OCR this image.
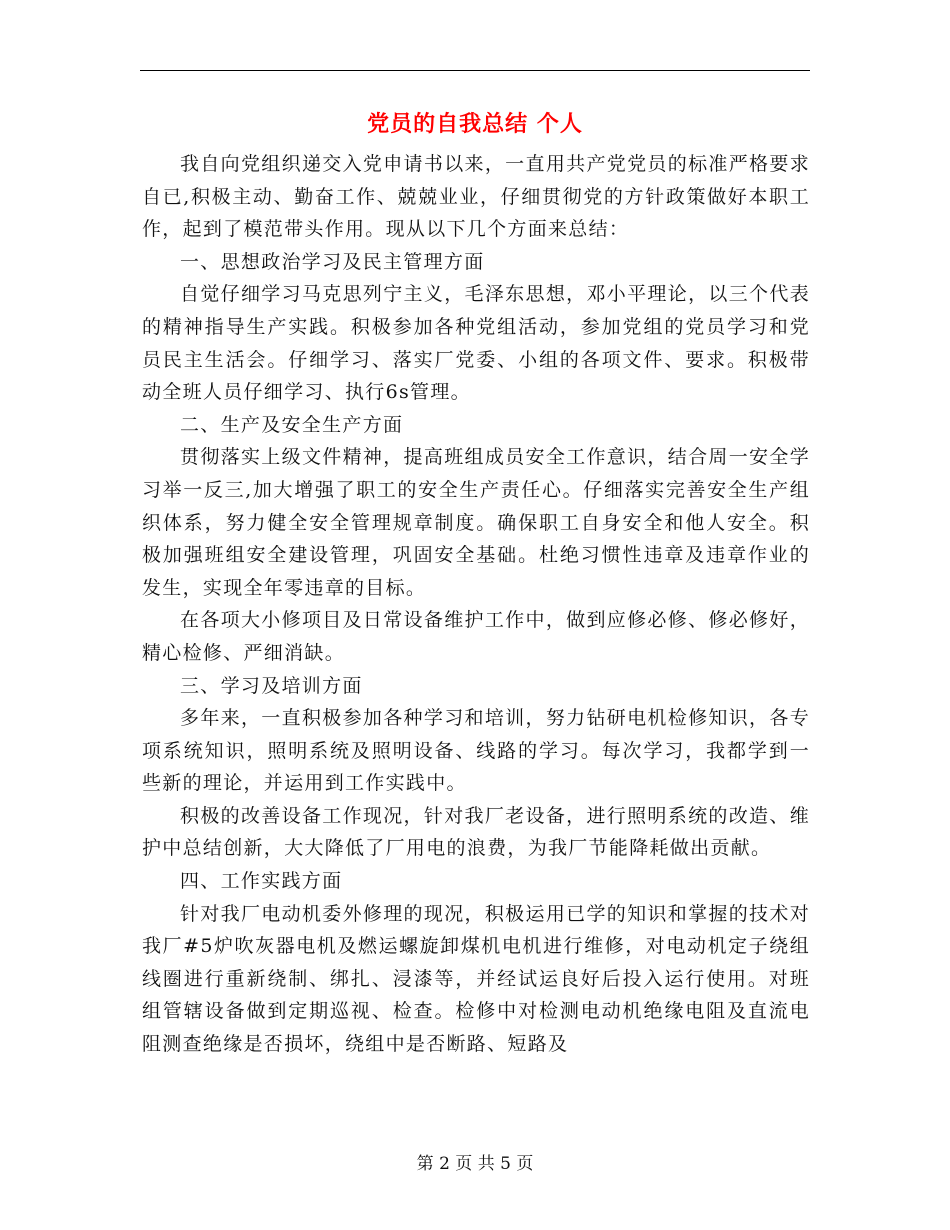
党员的自我总结 个人

我自向党组织递交入党申请书以来，一直用共产党党员的标准严格要求自已,积极主动、勤奋工作、兢兢业业，仔细贯彻党的方针政策做好本职工作，起到了模范带头作用。现从以下几个方面来总结：

一、思想政治学习及民主管理方面

自觉仔细学习马克思列宁主义，毛泽东思想，邓小平理论，以三个代表的精神指导生产实践。积极参加各种党组活动，参加党组的党员学习和党员民主生活会。仔细学习、落实厂党委、小组的各项文件、要求。积极带动全班人员仔细学习、执行6s管理。

二、生产及安全生产方面

贯彻落实上级文件精神，提高班组成员安全工作意识，结合周一安全学习举一反三,加大增强了职工的安全生产责任心。仔细落实完善安全生产组织体系，努力健全安全管理规章制度。确保职工自身安全和他人安全。积极加强班组安全建设管理，巩固安全基础。杜绝习惯性违章及违章作业的发生，实现全年零违章的目标。

在各项大小修项目及日常设备维护工作中，做到应修必修、修必修好，精心检修、严细消缺。

三、学习及培训方面

多年来，一直积极参加各种学习和培训，努力钻研电机检修知识，各专项系统知识，照明系统及照明设备、线路的学习。每次学习，我都学到一些新的理论，并运用到工作实践中。

积极的改善设备工作现况，针对我厂老设备，进行照明系统的改造、维护中总结创新，大大降低了厂用电的浪费，为我厂节能降耗做出贡献。

四、工作实践方面

针对我厂电动机委外修理的现况，积极运用已学的知识和掌握的技术对我厂#5炉吹灰器电机及燃运螺旋卸煤机电机进行维修，对电动机定子绕组线圈进行重新绕制、绑扎、浸漆等，并经试运良好后投入运行使用。对班组管辖设备做到定期巡视、检查。检修中对检测电动机绝缘电阻及直流电阻测查绝缘是否损坏，绕组中是否断路、短路及

第 2 页 共 5 页
